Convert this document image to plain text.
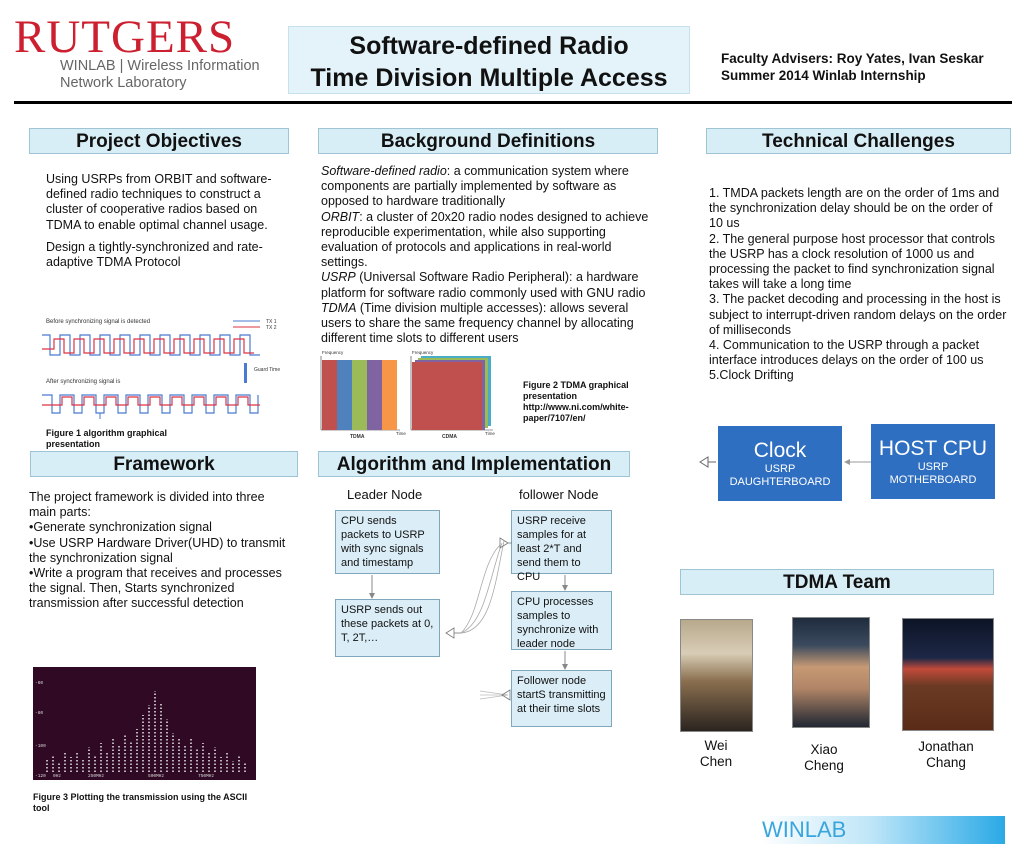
RUTGERS
WINLAB | Wireless Information
Network Laboratory
Software-defined Radio
Time Division Multiple Access
Faculty Advisers: Roy Yates, Ivan Seskar
Summer 2014 Winlab Internship
Project Objectives

Using USRPs from ORBIT and software-defined radio techniques to construct a cluster of cooperative radios based on TDMA to enable optimal channel usage.

Design a tightly-synchronized and rate-adaptive TDMA Protocol

Before synchronizing signal is detected
After synchronizing signal is
TX 1
TX 2
Guard Time
Figure 1 algorithm graphical presentation
Framework

The project framework is divided into three main parts:

•Generate synchronization signal

•Use USRP Hardware Driver(UHD) to transmit the synchronization signal

•Write a program that receives and processes the signal. Then, Starts synchronized transmission after successful detection

-60
-80
-100
-120 0Hz	250MHz	500MHz	750MHz
Figure 3 Plotting the transmission using the ASCII tool
Background Definitions

Software-defined radio: a communication system where components are partially implemented by software as opposed to hardware traditionally

ORBIT: a cluster of 20x20 radio nodes designed to achieve reproducible experimentation, while also supporting evaluation of protocols and applications in real-world settings.

USRP (Universal Software Radio Peripheral): a hardware platform for software radio commonly used with GNU radio

TDMA (Time division multiple accesses): allows several users to share the same frequency channel by allocating different time slots to different users

Frequency
TDMA
Time
Frequency
CDMA
Time
Figure 2 TDMA graphical presentation http://www.ni.com/white-paper/7107/en/
Algorithm and Implementation
Leader Node	follower Node
CPU sends packets to USRP with sync signals and timestamp
USRP sends out these packets at 0, T, 2T,…
USRP receive samples for at least 2*T and send them to CPU
CPU processes samples to synchronize with leader node
Follower node startS transmitting at their time slots
Technical Challenges

1. TMDA packets length are on the order of 1ms and the synchronization delay should be on the order of 10 us

2. The general purpose host processor that controls the USRP has a clock resolution of 1000 us and processing the packet to find synchronization signal takes will take a long time

3. The packet decoding and processing in the host is subject to interrupt-driven random delays on the order of milliseconds

4. Communication to the USRP through a packet interface introduces delays on the order of 100 us

5.Clock Drifting

Clock
USRP
DAUGHTERBOARD
HOST CPU
USRP
MOTHERBOARD
TDMA Team
Wei
Chen
Xiao
Cheng
Jonathan
Chang
WINLAB
